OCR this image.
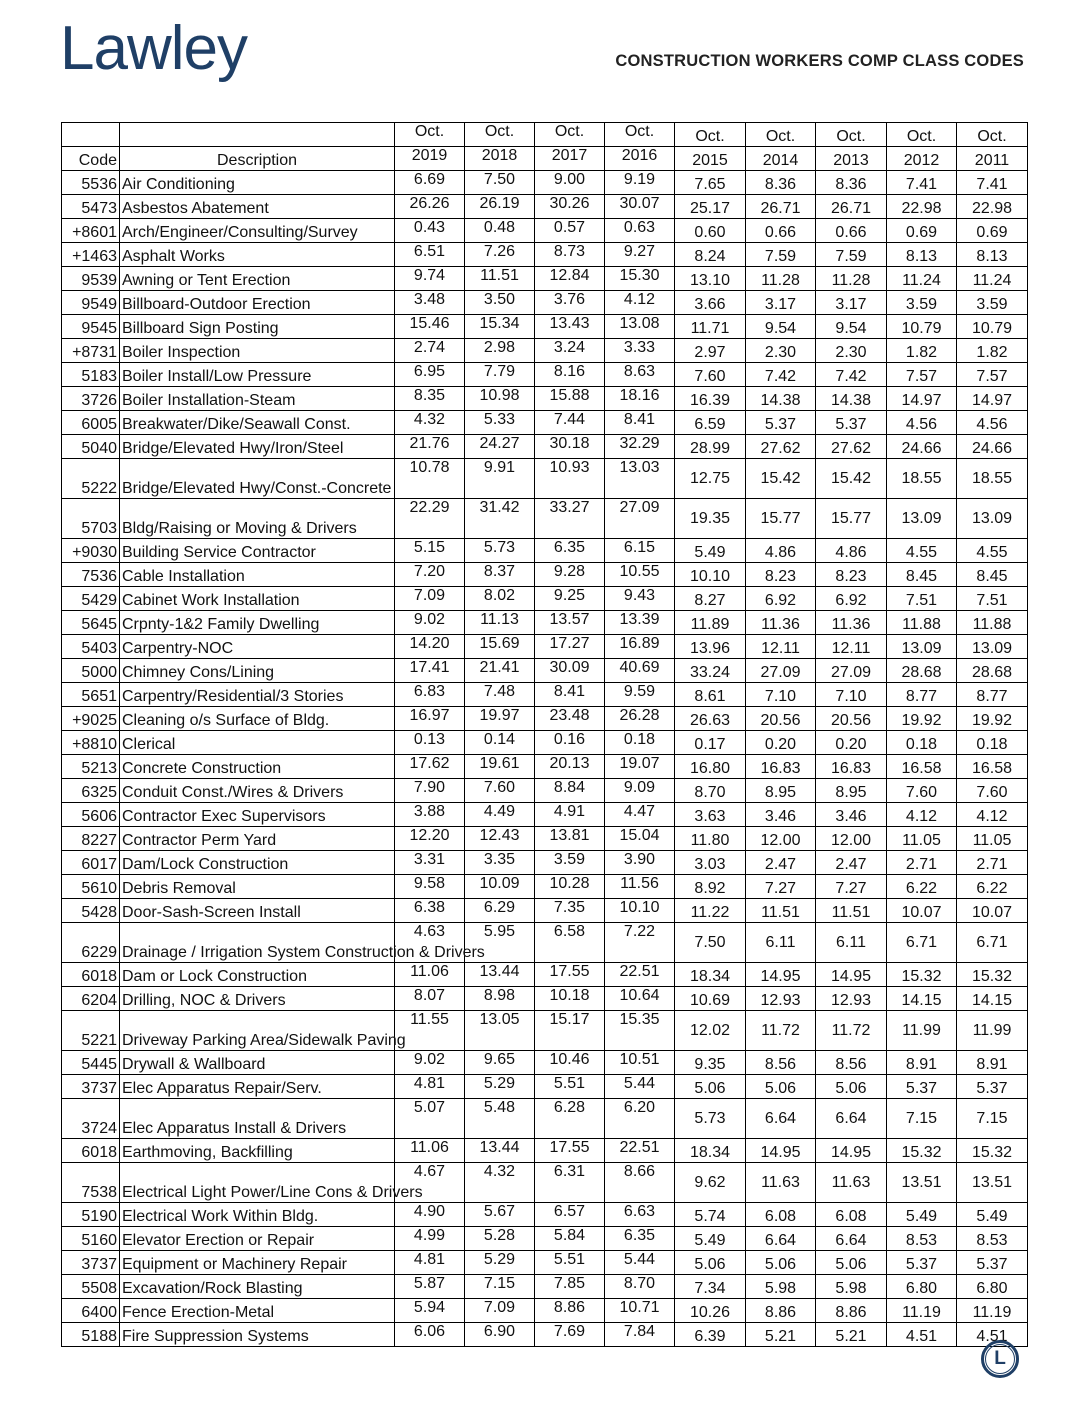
Lawley	CONSTRUCTION WORKERS COMP CLASS CODES
		Oct.	Oct.	Oct.	Oct.	Oct.	Oct.	Oct.	Oct.	Oct.
Code	Description	2019	2018	2017	2016	2015	2014	2013	2012	2011
5536	Air Conditioning	6.69	7.50	9.00	9.19	7.65	8.36	8.36	7.41	7.41
5473	Asbestos Abatement	26.26	26.19	30.26	30.07	25.17	26.71	26.71	22.98	22.98
+8601	Arch/Engineer/Consulting/Survey	0.43	0.48	0.57	0.63	0.60	0.66	0.66	0.69	0.69
+1463	Asphalt Works	6.51	7.26	8.73	9.27	8.24	7.59	7.59	8.13	8.13
9539	Awning or Tent Erection	9.74	11.51	12.84	15.30	13.10	11.28	11.28	11.24	11.24
9549	Billboard-Outdoor Erection	3.48	3.50	3.76	4.12	3.66	3.17	3.17	3.59	3.59
9545	Billboard Sign Posting	15.46	15.34	13.43	13.08	11.71	9.54	9.54	10.79	10.79
+8731	Boiler Inspection	2.74	2.98	3.24	3.33	2.97	2.30	2.30	1.82	1.82
5183	Boiler Install/Low Pressure	6.95	7.79	8.16	8.63	7.60	7.42	7.42	7.57	7.57
3726	Boiler Installation-Steam	8.35	10.98	15.88	18.16	16.39	14.38	14.38	14.97	14.97
6005	Breakwater/Dike/Seawall Const.	4.32	5.33	7.44	8.41	6.59	5.37	5.37	4.56	4.56
5040	Bridge/Elevated Hwy/Iron/Steel	21.76	24.27	30.18	32.29	28.99	27.62	27.62	24.66	24.66
5222	Bridge/Elevated Hwy/Const.-Concrete	10.78	9.91	10.93	13.03	12.75	15.42	15.42	18.55	18.55
5703	Bldg/Raising or Moving & Drivers	22.29	31.42	33.27	27.09	19.35	15.77	15.77	13.09	13.09
+9030	Building Service Contractor	5.15	5.73	6.35	6.15	5.49	4.86	4.86	4.55	4.55
7536	Cable Installation	7.20	8.37	9.28	10.55	10.10	8.23	8.23	8.45	8.45
5429	Cabinet Work Installation	7.09	8.02	9.25	9.43	8.27	6.92	6.92	7.51	7.51
5645	Crpnty-1&2 Family Dwelling	9.02	11.13	13.57	13.39	11.89	11.36	11.36	11.88	11.88
5403	Carpentry-NOC	14.20	15.69	17.27	16.89	13.96	12.11	12.11	13.09	13.09
5000	Chimney Cons/Lining	17.41	21.41	30.09	40.69	33.24	27.09	27.09	28.68	28.68
5651	Carpentry/Residential/3 Stories	6.83	7.48	8.41	9.59	8.61	7.10	7.10	8.77	8.77
+9025	Cleaning o/s Surface of Bldg.	16.97	19.97	23.48	26.28	26.63	20.56	20.56	19.92	19.92
+8810	Clerical	0.13	0.14	0.16	0.18	0.17	0.20	0.20	0.18	0.18
5213	Concrete Construction	17.62	19.61	20.13	19.07	16.80	16.83	16.83	16.58	16.58
6325	Conduit Const./Wires & Drivers	7.90	7.60	8.84	9.09	8.70	8.95	8.95	7.60	7.60
5606	Contractor Exec Supervisors	3.88	4.49	4.91	4.47	3.63	3.46	3.46	4.12	4.12
8227	Contractor Perm Yard	12.20	12.43	13.81	15.04	11.80	12.00	12.00	11.05	11.05
6017	Dam/Lock Construction	3.31	3.35	3.59	3.90	3.03	2.47	2.47	2.71	2.71
5610	Debris Removal	9.58	10.09	10.28	11.56	8.92	7.27	7.27	6.22	6.22
5428	Door-Sash-Screen Install	6.38	6.29	7.35	10.10	11.22	11.51	11.51	10.07	10.07
6229	Drainage / Irrigation System Construction & Drivers	4.63	5.95	6.58	7.22	7.50	6.11	6.11	6.71	6.71
6018	Dam or Lock Construction	11.06	13.44	17.55	22.51	18.34	14.95	14.95	15.32	15.32
6204	Drilling, NOC & Drivers	8.07	8.98	10.18	10.64	10.69	12.93	12.93	14.15	14.15
5221	Driveway Parking Area/Sidewalk Paving	11.55	13.05	15.17	15.35	12.02	11.72	11.72	11.99	11.99
5445	Drywall & Wallboard	9.02	9.65	10.46	10.51	9.35	8.56	8.56	8.91	8.91
3737	Elec Apparatus Repair/Serv.	4.81	5.29	5.51	5.44	5.06	5.06	5.06	5.37	5.37
3724	Elec Apparatus Install & Drivers	5.07	5.48	6.28	6.20	5.73	6.64	6.64	7.15	7.15
6018	Earthmoving, Backfilling	11.06	13.44	17.55	22.51	18.34	14.95	14.95	15.32	15.32
7538	Electrical Light Power/Line Cons & Drivers	4.67	4.32	6.31	8.66	9.62	11.63	11.63	13.51	13.51
5190	Electrical Work Within Bldg.	4.90	5.67	6.57	6.63	5.74	6.08	6.08	5.49	5.49
5160	Elevator Erection or Repair	4.99	5.28	5.84	6.35	5.49	6.64	6.64	8.53	8.53
3737	Equipment or Machinery Repair	4.81	5.29	5.51	5.44	5.06	5.06	5.06	5.37	5.37
5508	Excavation/Rock Blasting	5.87	7.15	7.85	8.70	7.34	5.98	5.98	6.80	6.80
6400	Fence Erection-Metal	5.94	7.09	8.86	10.71	10.26	8.86	8.86	11.19	11.19
5188	Fire Suppression Systems	6.06	6.90	7.69	7.84	6.39	5.21	5.21	4.51	4.51
L
